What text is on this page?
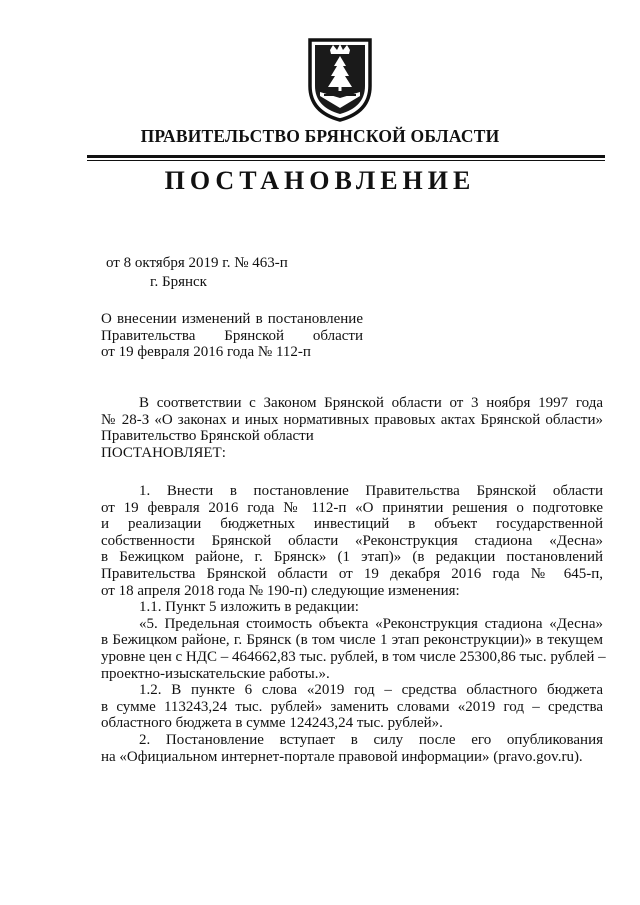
ПРАВИТЕЛЬСТВО БРЯНСКОЙ ОБЛАСТИ
ПОСТАНОВЛЕНИЕ
от 8 октября 2019 г. № 463-п
г. Брянск
О внесении изменений в постановление
Правительства Брянской области
от 19 февраля 2016 года № 112-п
В соответствии с Законом Брянской области от 3 ноября 1997 года
№ 28-З «О законах и иных нормативных правовых актах Брянской области»
Правительство Брянской области
ПОСТАНОВЛЯЕТ:
1. Внести в постановление Правительства Брянской области
от 19 февраля 2016 года № 112-п «О принятии решения о подготовке
и реализации бюджетных инвестиций в объект государственной
собственности Брянской области «Реконструкция стадиона «Десна»
в Бежицком районе, г. Брянск» (1 этап)» (в редакции постановлений
Правительства Брянской области от 19 декабря 2016 года № 645-п,
от 18 апреля 2018 года № 190-п) следующие изменения:
1.1. Пункт 5 изложить в редакции:
«5. Предельная стоимость объекта «Реконструкция стадиона «Десна»
в Бежицком районе, г. Брянск (в том числе 1 этап реконструкции)» в текущем
уровне цен с НДС – 464662,83 тыс. рублей, в том числе 25300,86 тыс. рублей –
проектно-изыскательские работы.».
1.2. В пункте 6 слова «2019 год – средства областного бюджета
в сумме 113243,24 тыс. рублей» заменить словами «2019 год – средства
областного бюджета в сумме 124243,24 тыс. рублей».
2. Постановление вступает в силу после его опубликования
на «Официальном интернет-портале правовой информации» (pravo.gov.ru).
